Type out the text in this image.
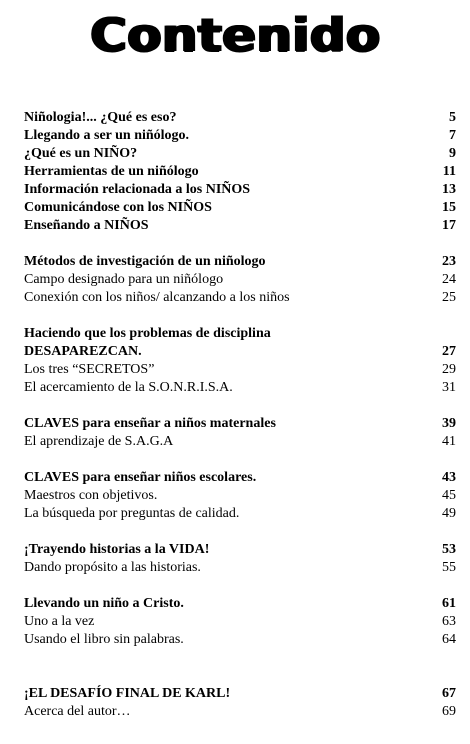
Contenido
Niñologia!... ¿Qué es eso?	5
Llegando a ser un niñólogo.	7
¿Qué es un NIÑO?	9
Herramientas de un niñólogo	11
Información relacionada a los NIÑOS	13
Comunicándose con los NIÑOS	15
Enseñando a NIÑOS	17
Métodos de investigación de un niñologo	23
Campo designado para un niñólogo	24
Conexión con los niños/ alcanzando a los niños	25
Haciendo que los problemas de disciplina
DESAPAREZCAN.	27
Los tres “SECRETOS”	29
El acercamiento de la S.O.N.R.I.S.A.	31
CLAVES para enseñar a niños maternales	39
El aprendizaje de S.A.G.A	41
CLAVES para enseñar niños escolares.	43
Maestros con objetivos.	45
La búsqueda por preguntas de calidad.	49
¡Trayendo historias a la VIDA!	53
Dando propósito a las historias.	55
Llevando un niño a Cristo.	61
Uno a la vez	63
Usando el libro sin palabras.	64
¡EL DESAFÍO FINAL DE KARL!	67
Acerca del autor…	69
